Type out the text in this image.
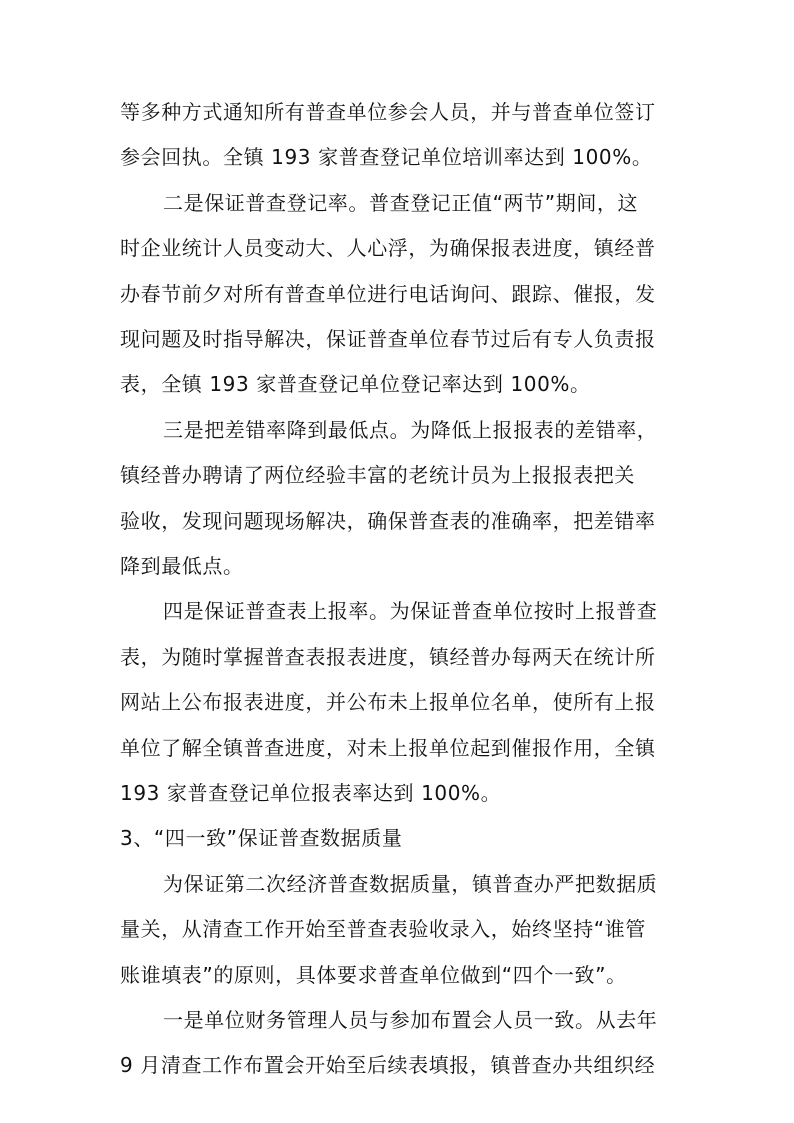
等多种方式通知所有普查单位参会人员，并与普查单位签订
参会回执。全镇 193 家普查登记单位培训率达到 100%。
二是保证普查登记率。普查登记正值“两节”期间，这
时企业统计人员变动大、人心浮，为确保报表进度，镇经普
办春节前夕对所有普查单位进行电话询问、跟踪、催报，发
现问题及时指导解决，保证普查单位春节过后有专人负责报
表，全镇 193 家普查登记单位登记率达到 100%。
三是把差错率降到最低点。为降低上报报表的差错率，
镇经普办聘请了两位经验丰富的老统计员为上报报表把关
验收，发现问题现场解决，确保普查表的准确率，把差错率
降到最低点。
四是保证普查表上报率。为保证普查单位按时上报普查
表，为随时掌握普查表报表进度，镇经普办每两天在统计所
网站上公布报表进度，并公布未上报单位名单，使所有上报
单位了解全镇普查进度，对未上报单位起到催报作用，全镇
193 家普查登记单位报表率达到 100%。
3、“四一致”保证普查数据质量
为保证第二次经济普查数据质量，镇普查办严把数据质
量关，从清查工作开始至普查表验收录入，始终坚持“谁管
账谁填表”的原则，具体要求普查单位做到“四个一致”。
一是单位财务管理人员与参加布置会人员一致。从去年
9 月清查工作布置会开始至后续表填报，镇普查办共组织经
